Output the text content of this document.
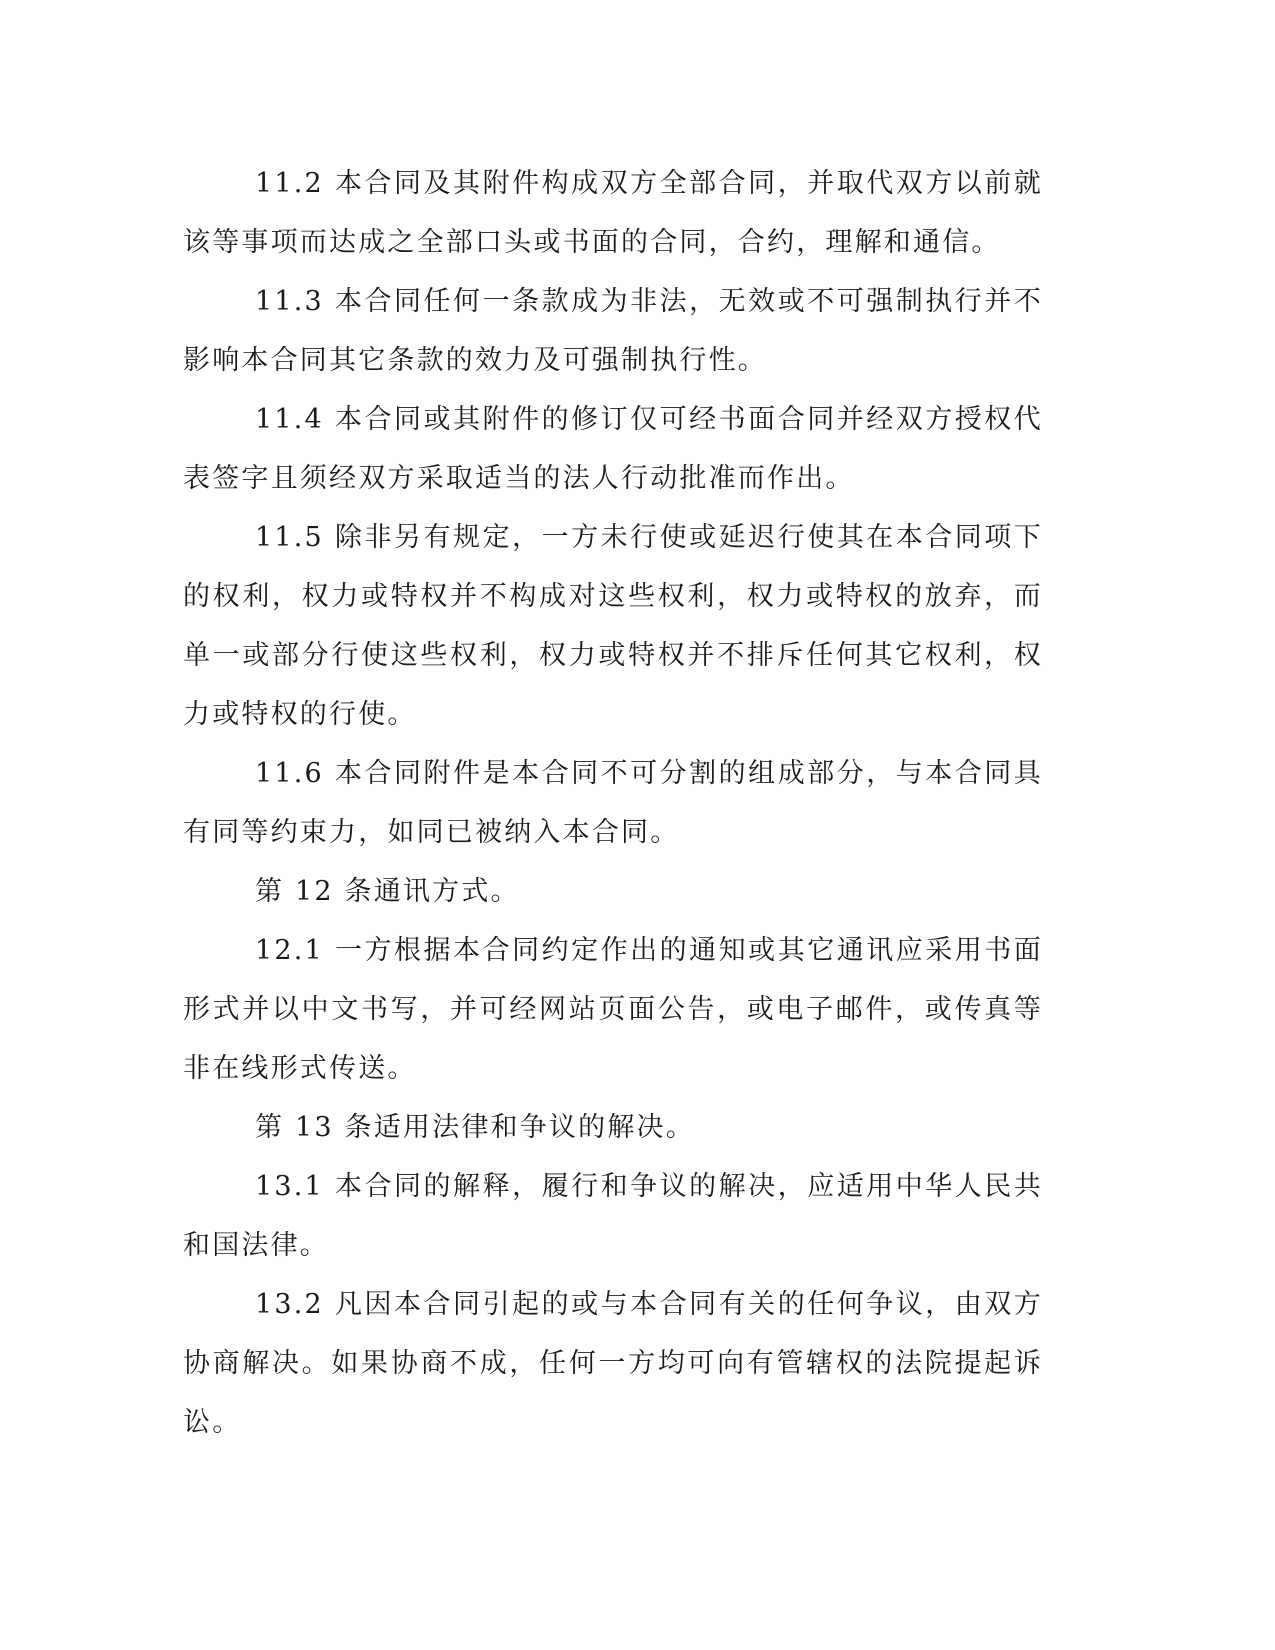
11.2 本合同及其附件构成双方全部合同，并取代双方以前就该等事项而达成之全部口头或书面的合同，合约，理解和通信。

11.3 本合同任何一条款成为非法，无效或不可强制执行并不影响本合同其它条款的效力及可强制执行性。

11.4 本合同或其附件的修订仅可经书面合同并经双方授权代表签字且须经双方采取适当的法人行动批准而作出。

11.5 除非另有规定，一方未行使或延迟行使其在本合同项下的权利，权力或特权并不构成对这些权利，权力或特权的放弃，而单一或部分行使这些权利，权力或特权并不排斥任何其它权利，权力或特权的行使。

11.6 本合同附件是本合同不可分割的组成部分，与本合同具有同等约束力，如同已被纳入本合同。

第 12 条通讯方式。

12.1 一方根据本合同约定作出的通知或其它通讯应采用书面形式并以中文书写，并可经网站页面公告，或电子邮件，或传真等非在线形式传送。

第 13 条适用法律和争议的解决。

13.1 本合同的解释，履行和争议的解决，应适用中华人民共和国法律。

13.2 凡因本合同引起的或与本合同有关的任何争议，由双方协商解决。如果协商不成，任何一方均可向有管辖权的法院提起诉讼。
